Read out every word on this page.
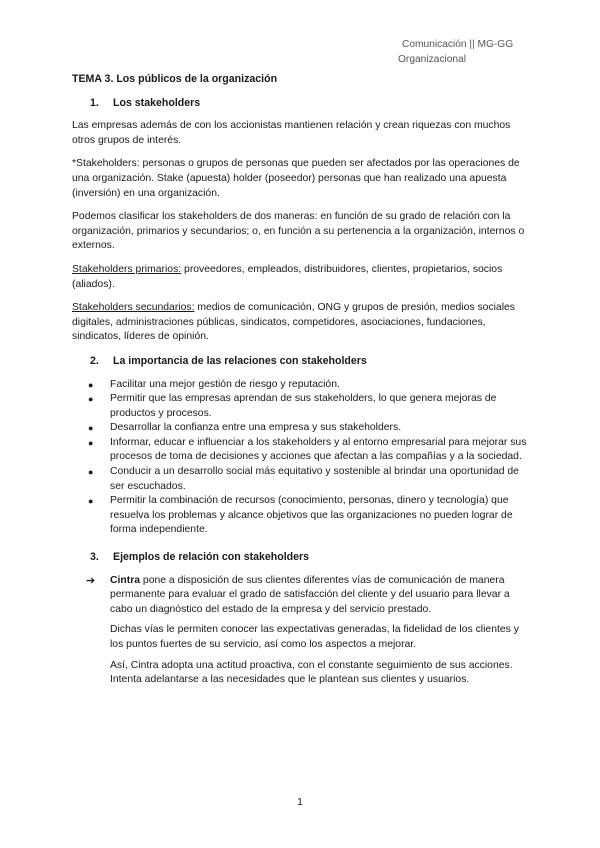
Comunicación || MG-GG
Organizacional

TEMA 3. Los públicos de la organización

1.	Los stakeholders

Las empresas además de con los accionistas mantienen relación y crean riquezas con muchos otros grupos de interés.

*Stakeholders: personas o grupos de personas que pueden ser afectados por las operaciones de una organización. Stake (apuesta) holder (poseedor) personas que han realizado una apuesta (inversión) en una organización.

Podemos clasificar los stakeholders de dos maneras: en función de su grado de relación con la organización, primarios y secundarios; o, en función a su pertenencia a la organización, internos o externos.

Stakeholders primarios: proveedores, empleados, distribuidores, clientes, propietarios, socios (aliados).

Stakeholders secundarios: medios de comunicación, ONG y grupos de presión, medios sociales digitales, administraciones públicas, sindicatos, competidores, asociaciones, fundaciones, sindicatos, líderes de opinión.

2.	La importancia de las relaciones con stakeholders
● Facilitar una mejor gestión de riesgo y reputación.
● Permitir que las empresas aprendan de sus stakeholders, lo que genera mejoras de productos y procesos.
● Desarrollar la confianza entre una empresa y sus stakeholders.
● Informar, educar e influenciar a los stakeholders y al entorno empresarial para mejorar sus procesos de toma de decisiones y acciones que afectan a las compañías y a la sociedad.
● Conducir a un desarrollo social más equitativo y sostenible al brindar una oportunidad de ser escuchados.
● Permitir la combinación de recursos (conocimiento, personas, dinero y tecnología) que resuelva los problemas y alcance objetivos que las organizaciones no pueden lograr de forma independiente.
3.	Ejemplos de relación con stakeholders

➔ Cintra pone a disposición de sus clientes diferentes vías de comunicación de manera permanente para evaluar el grado de satisfacción del cliente y del usuario para llevar a cabo un diagnóstico del estado de la empresa y del servicio prestado.

Dichas vías le permiten conocer las expectativas generadas, la fidelidad de los clientes y los puntos fuertes de su servicio, así como los aspectos a mejorar.

Así, Cintra adopta una actitud proactiva, con el constante seguimiento de sus acciones. Intenta adelantarse a las necesidades que le plantean sus clientes y usuarios.

1
